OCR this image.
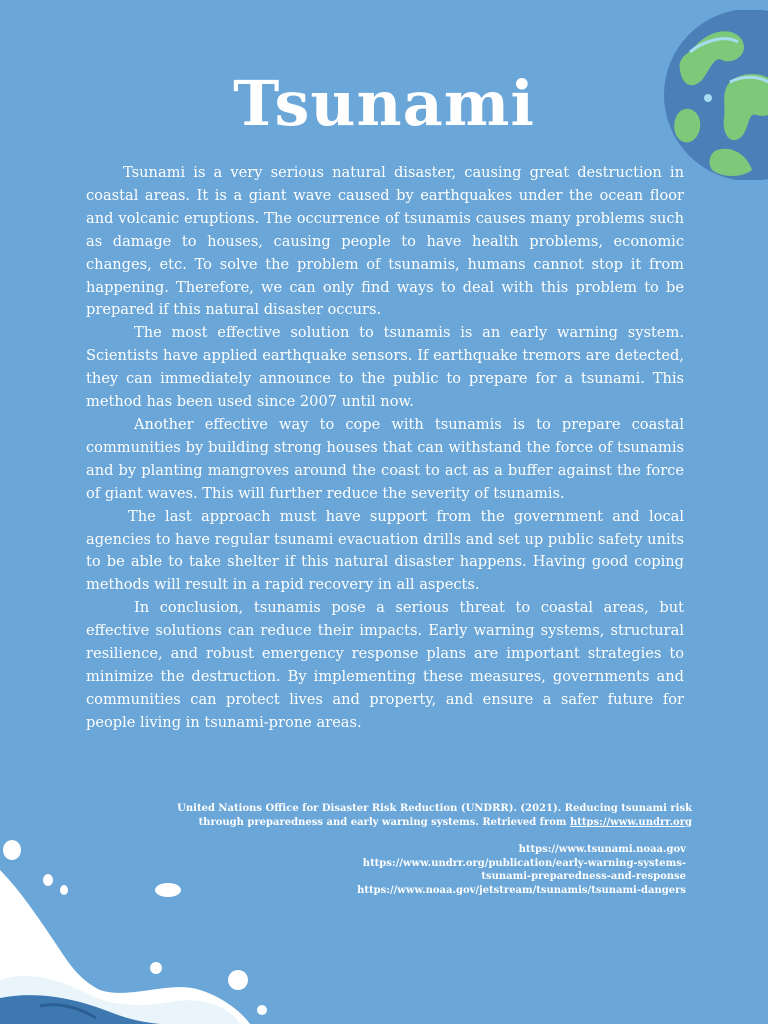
Tsunami

Tsunami is a very serious natural disaster, causing great destruction in coastal areas. It is a giant wave caused by earthquakes under the ocean floor and volcanic eruptions. The occurrence of tsunamis causes many problems such as damage to houses, causing people to have health problems, economic changes, etc. To solve the problem of tsunamis, humans cannot stop it from happening. Therefore, we can only find ways to deal with this problem to be prepared if this natural disaster occurs.

The most effective solution to tsunamis is an early warning system. Scientists have applied earthquake sensors. If earthquake tremors are detected, they can immediately announce to the public to prepare for a tsunami. This method has been used since 2007 until now.

Another effective way to cope with tsunamis is to prepare coastal communities by building strong houses that can withstand the force of tsunamis and by planting mangroves around the coast to act as a buffer against the force of giant waves. This will further reduce the severity of tsunamis.

The last approach must have support from the government and local agencies to have regular tsunami evacuation drills and set up public safety units to be able to take shelter if this natural disaster happens. Having good coping methods will result in a rapid recovery in all aspects.

In conclusion, tsunamis pose a serious threat to coastal areas, but effective solutions can reduce their impacts. Early warning systems, structural resilience, and robust emergency response plans are important strategies to minimize the destruction. By implementing these measures, governments and communities can protect lives and property, and ensure a safer future for people living in tsunami-prone areas.

United Nations Office for Disaster Risk Reduction (UNDRR). (2021). Reducing tsunami risk
through preparedness and early warning systems. Retrieved from https://www.undrr.org
https://www.tsunami.noaa.gov
https://www.undrr.org/publication/early-warning-systems-
tsunami-preparedness-and-response
https://www.noaa.gov/jetstream/tsunamis/tsunami-dangers
